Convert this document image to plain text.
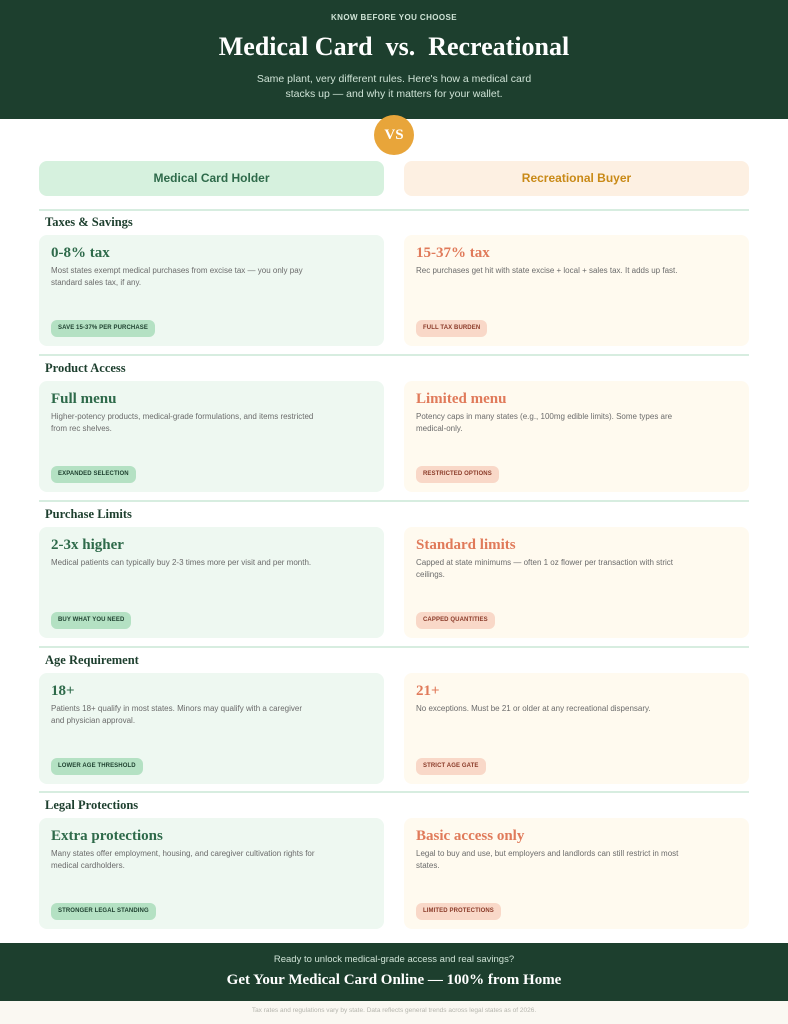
KNOW BEFORE YOU CHOOSE
Medical Card  vs.  Recreational

Same plant, very different rules. Here's how a medical card stacks up — and why it matters for your wallet.

VS
Medical Card Holder	Recreational Buyer
Taxes & Savings
0-8% tax
Most states exempt medical purchases from excise tax — you only pay standard sales tax, if any.
SAVE 15-37% PER PURCHASE
15-37% tax
Rec purchases get hit with state excise + local + sales tax. It adds up fast.
FULL TAX BURDEN
Product Access
Full menu
Higher-potency products, medical-grade formulations, and items restricted from rec shelves.
EXPANDED SELECTION
Limited menu
Potency caps in many states (e.g., 100mg edible limits). Some types are medical-only.
RESTRICTED OPTIONS
Purchase Limits
2-3x higher
Medical patients can typically buy 2-3 times more per visit and per month.
BUY WHAT YOU NEED
Standard limits
Capped at state minimums — often 1 oz flower per transaction with strict ceilings.
CAPPED QUANTITIES
Age Requirement
18+
Patients 18+ qualify in most states. Minors may qualify with a caregiver and physician approval.
LOWER AGE THRESHOLD
21+
No exceptions. Must be 21 or older at any recreational dispensary.
STRICT AGE GATE
Legal Protections
Extra protections
Many states offer employment, housing, and caregiver cultivation rights for medical cardholders.
STRONGER LEGAL STANDING
Basic access only
Legal to buy and use, but employers and landlords can still restrict in most states.
LIMITED PROTECTIONS
Ready to unlock medical-grade access and real savings?
Get Your Medical Card Online — 100% from Home
Tax rates and regulations vary by state. Data reflects general trends across legal states as of 2026.
